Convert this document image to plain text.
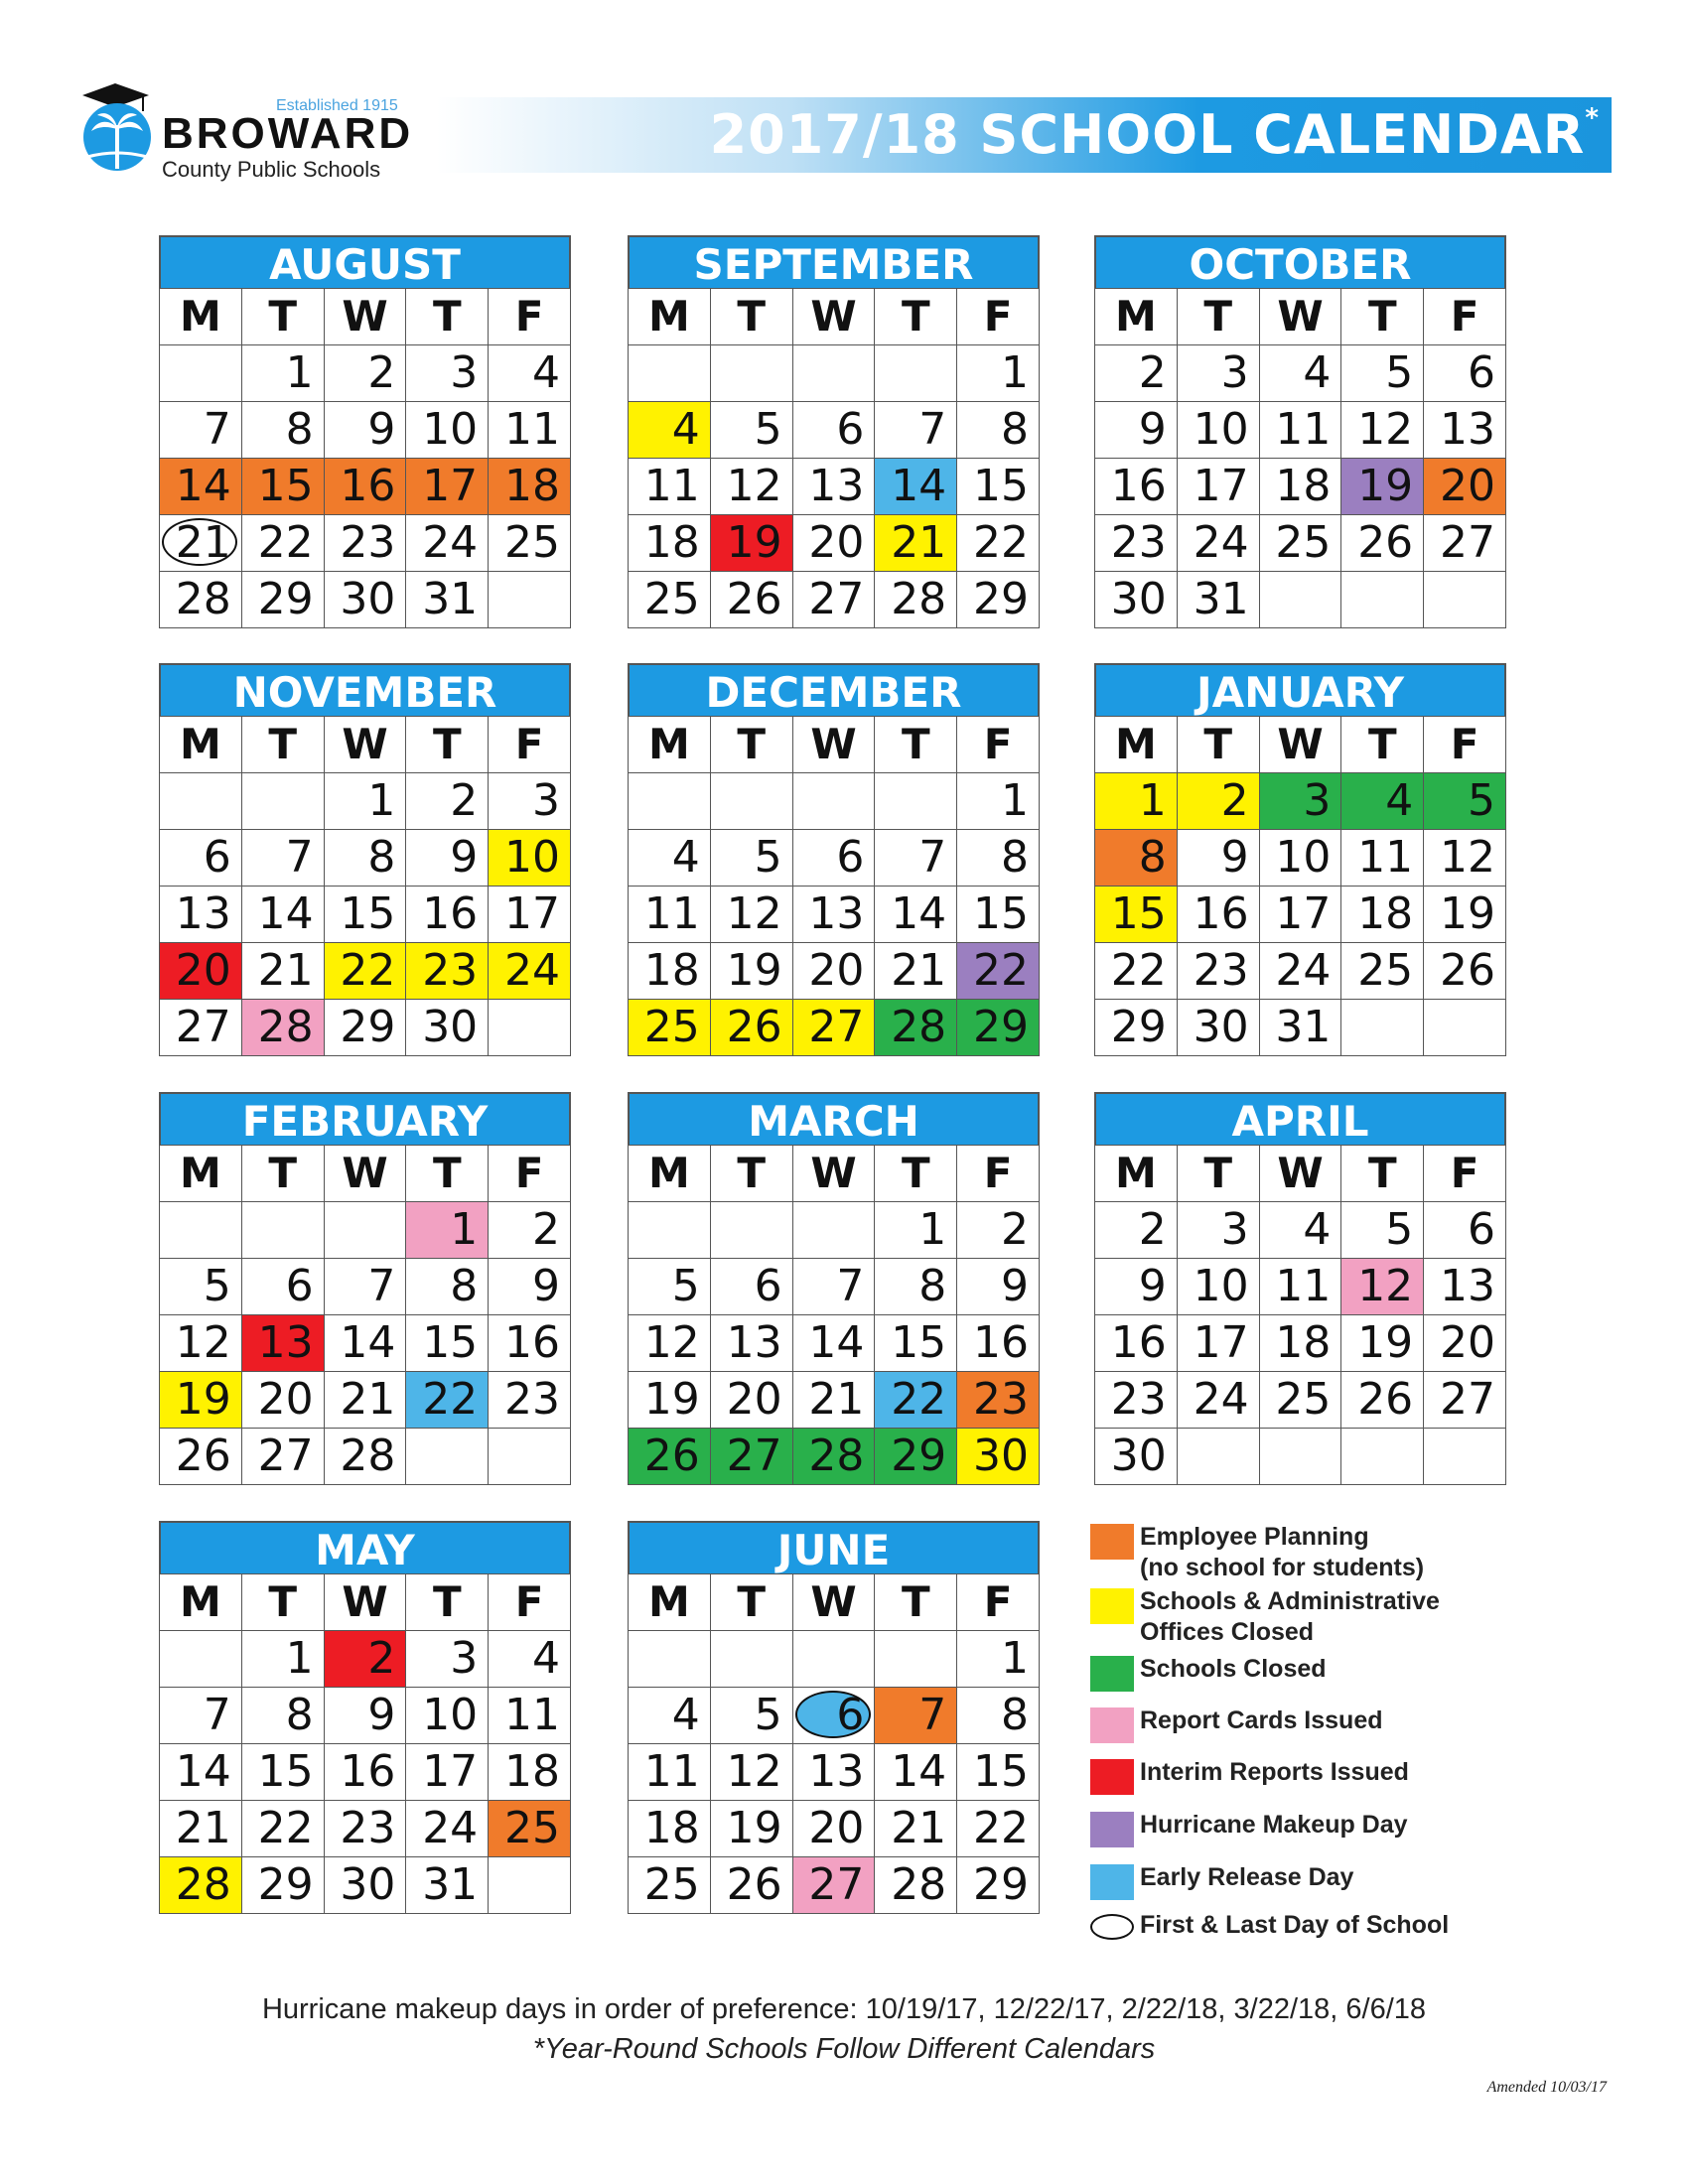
Established 1915
BROWARD
County Public Schools
2017/18 SCHOOL CALENDAR*
AUGUST
M	T	W	T	F
	1	2	3	4
7	8	9	10	11
14	15	16	17	18

21	22	23	24	25
28	29	30	31	
SEPTEMBER
M	T	W	T	F
				1
4	5	6	7	8
11	12	13	14	15
18	19	20	21	22
25	26	27	28	29
OCTOBER
M	T	W	T	F
2	3	4	5	6
9	10	11	12	13
16	17	18	19	20
23	24	25	26	27
30	31			
NOVEMBER
M	T	W	T	F
		1	2	3
6	7	8	9	10
13	14	15	16	17
20	21	22	23	24
27	28	29	30	
DECEMBER
M	T	W	T	F
				1
4	5	6	7	8
11	12	13	14	15
18	19	20	21	22
25	26	27	28	29
JANUARY
M	T	W	T	F
1	2	3	4	5
8	9	10	11	12
15	16	17	18	19
22	23	24	25	26
29	30	31		
FEBRUARY
M	T	W	T	F
			1	2
5	6	7	8	9
12	13	14	15	16
19	20	21	22	23
26	27	28		
MARCH
M	T	W	T	F
			1	2
5	6	7	8	9
12	13	14	15	16
19	20	21	22	23
26	27	28	29	30
APRIL
M	T	W	T	F
2	3	4	5	6
9	10	11	12	13
16	17	18	19	20
23	24	25	26	27
30				
MAY
M	T	W	T	F
	1	2	3	4
7	8	9	10	11
14	15	16	17	18
21	22	23	24	25
28	29	30	31	
JUNE
M	T	W	T	F
				1
4	5	6	7	8
11	12	13	14	15
18	19	20	21	22
25	26	27	28	29
Employee Planning
(no school for students)
Schools & Administrative
Offices Closed
Schools Closed
Report Cards Issued
Interim Reports Issued
Hurricane Makeup Day
Early Release Day
First & Last Day of School
Hurricane makeup days in order of preference: 10/19/17, 12/22/17, 2/22/18, 3/22/18, 6/6/18
*Year-Round Schools Follow Different Calendars
Amended 10/03/17
